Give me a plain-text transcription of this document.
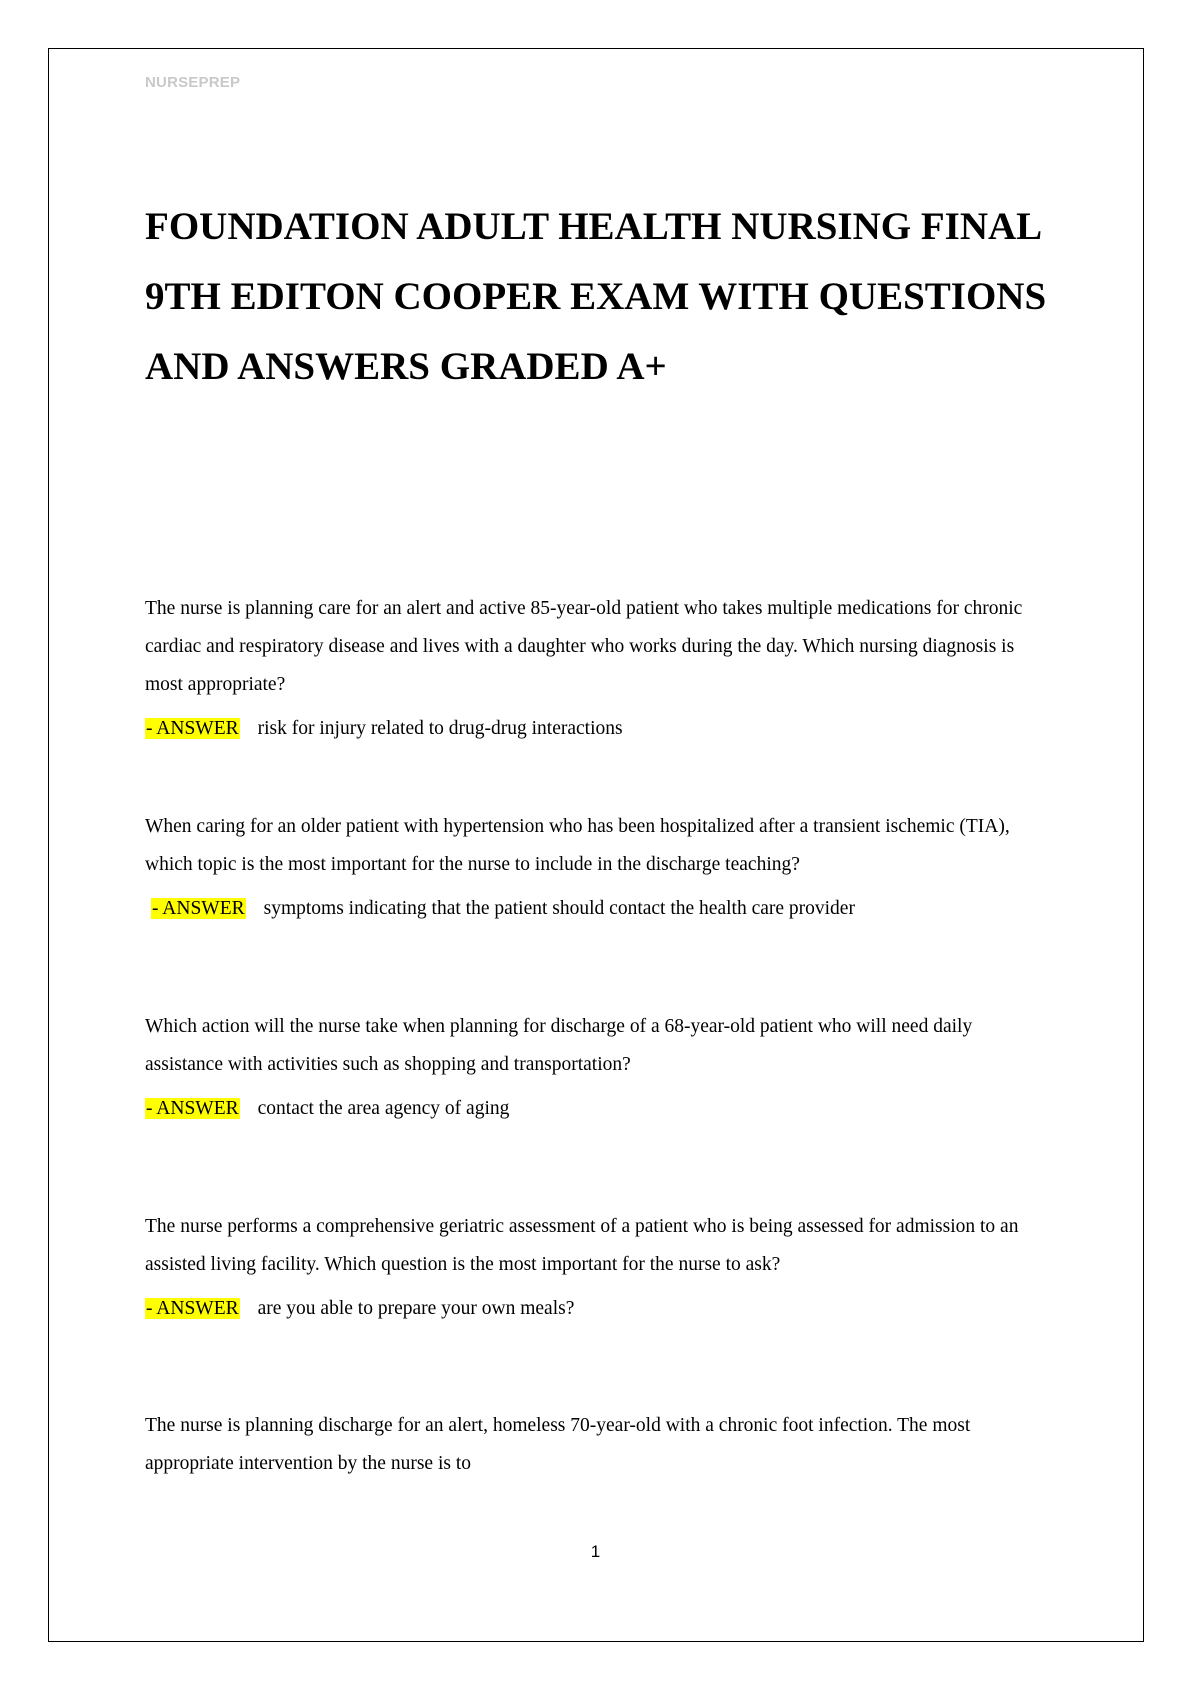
NURSEPREP
FOUNDATION ADULT HEALTH NURSING FINAL 9TH EDITON COOPER EXAM WITH QUESTIONS AND ANSWERS GRADED A+

The nurse is planning care for an alert and active 85-year-old patient who takes multiple medications for chronic cardiac and respiratory disease and lives with a daughter who works during the day. Which nursing diagnosis is most appropriate?

- ANSWER risk for injury related to drug-drug interactions

When caring for an older patient with hypertension who has been hospitalized after a transient ischemic (TIA), which topic is the most important for the nurse to include in the discharge teaching?

- ANSWER symptoms indicating that the patient should contact the health care provider

Which action will the nurse take when planning for discharge of a 68-year-old patient who will need daily assistance with activities such as shopping and transportation?

- ANSWER contact the area agency of aging

The nurse performs a comprehensive geriatric assessment of a patient who is being assessed for admission to an assisted living facility. Which question is the most important for the nurse to ask?

- ANSWER are you able to prepare your own meals?

The nurse is planning discharge for an alert, homeless 70-year-old with a chronic foot infection. The most appropriate intervention by the nurse is to

1
